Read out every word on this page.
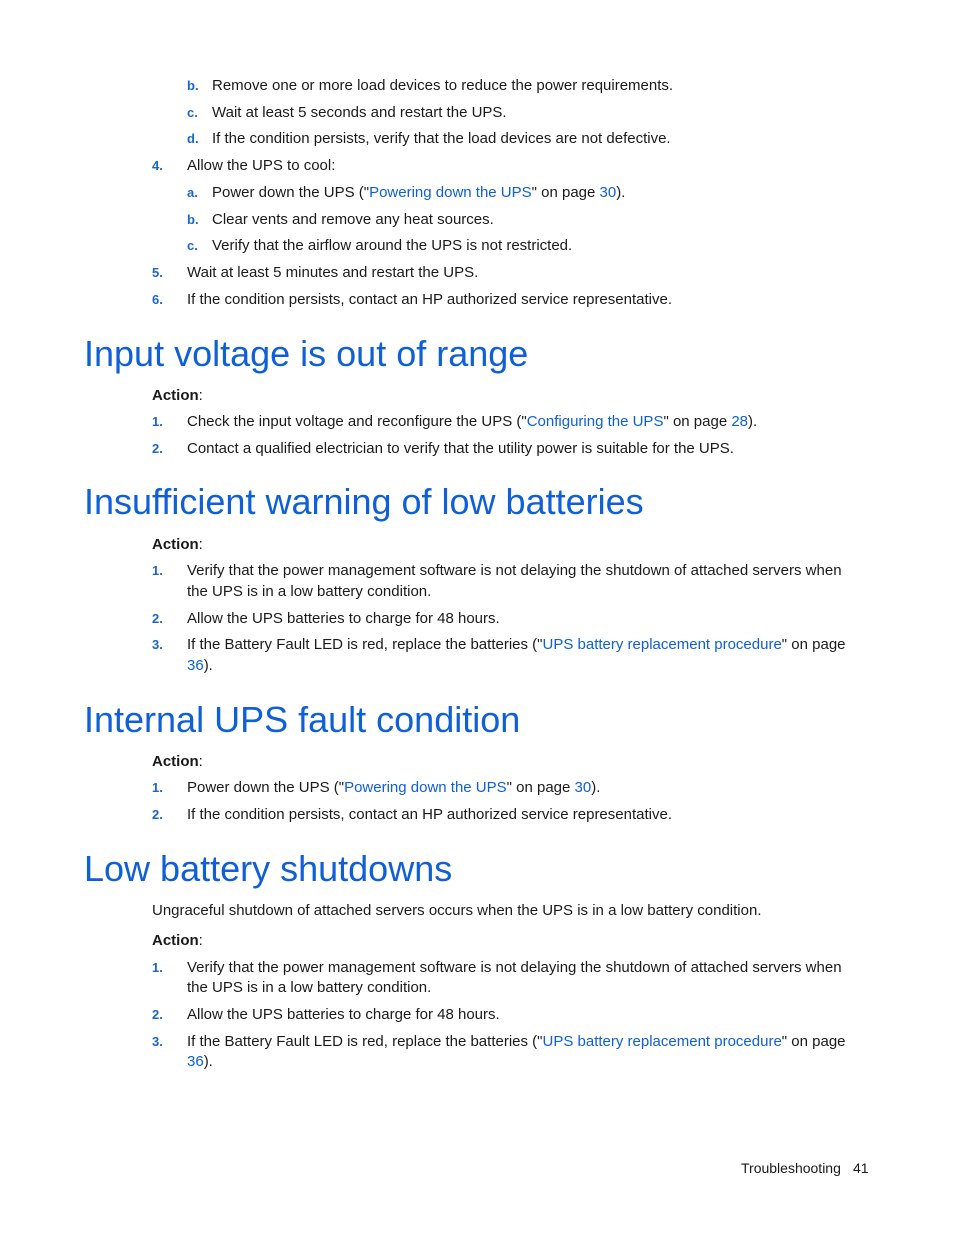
b. Remove one or more load devices to reduce the power requirements.
c. Wait at least 5 seconds and restart the UPS.
d. If the condition persists, verify that the load devices are not defective.
4. Allow the UPS to cool:
a. Power down the UPS ("Powering down the UPS" on page 30).
b. Clear vents and remove any heat sources.
c. Verify that the airflow around the UPS is not restricted.
5. Wait at least 5 minutes and restart the UPS.
6. If the condition persists, contact an HP authorized service representative.
Input voltage is out of range
Action:
1. Check the input voltage and reconfigure the UPS ("Configuring the UPS" on page 28).
2. Contact a qualified electrician to verify that the utility power is suitable for the UPS.
Insufficient warning of low batteries
Action:
1. Verify that the power management software is not delaying the shutdown of attached servers when
the UPS is in a low battery condition.
2. Allow the UPS batteries to charge for 48 hours.
3. If the Battery Fault LED is red, replace the batteries ("UPS battery replacement procedure" on page
36).
Internal UPS fault condition
Action:
1. Power down the UPS ("Powering down the UPS" on page 30).
2. If the condition persists, contact an HP authorized service representative.
Low battery shutdowns
Ungraceful shutdown of attached servers occurs when the UPS is in a low battery condition.
Action:
1. Verify that the power management software is not delaying the shutdown of attached servers when
the UPS is in a low battery condition.
2. Allow the UPS batteries to charge for 48 hours.
3. If the Battery Fault LED is red, replace the batteries ("UPS battery replacement procedure" on page
36).
Troubleshooting 41
